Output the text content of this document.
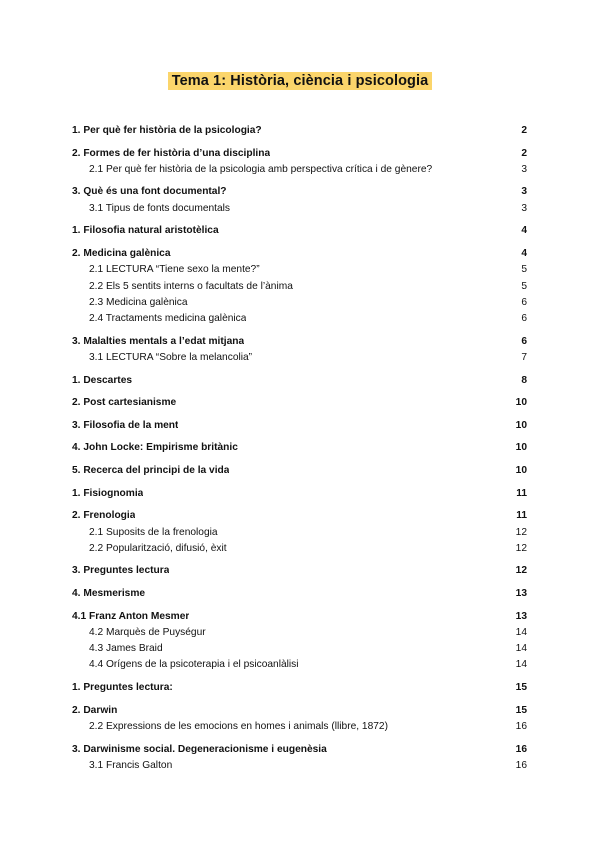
Tema 1: Història, ciència i psicologia
1. Per què fer història de la psicologia?	2
2. Formes de fer història d’una disciplina	2
2.1 Per què fer història de la psicologia amb perspectiva crítica i de gènere?	3
3. Què és una font documental?	3
3.1 Tipus de fonts documentals	3
1. Filosofia natural aristotèlica	4
2. Medicina galènica	4
2.1 LECTURA “Tiene sexo la mente?”	5
2.2 Els 5 sentits interns o facultats de l’ànima	5
2.3 Medicina galènica	6
2.4 Tractaments medicina galènica	6
3. Malalties mentals a l’edat mitjana	6
3.1 LECTURA “Sobre la melancolia”	7
1. Descartes	8
2. Post cartesianisme	10
3. Filosofia de la ment	10
4. John Locke: Empirisme britànic	10
5. Recerca del principi de la vida	10
1. Fisiognomia	11
2. Frenologia	11
2.1 Suposits de la frenologia	12
2.2 Popularització, difusió, èxit	12
3. Preguntes lectura	12
4. Mesmerisme	13
4.1 Franz Anton Mesmer	13
4.2 Marquès de Puységur	14
4.3 James Braid	14
4.4 Orígens de la psicoterapia i el psicoanlàlisi	14
1. Preguntes lectura:	15
2. Darwin	15
2.2 Expressions de les emocions en homes i animals (llibre, 1872)	16
3. Darwinisme social. Degeneracionisme i eugenèsia	16
3.1 Francis Galton	16
